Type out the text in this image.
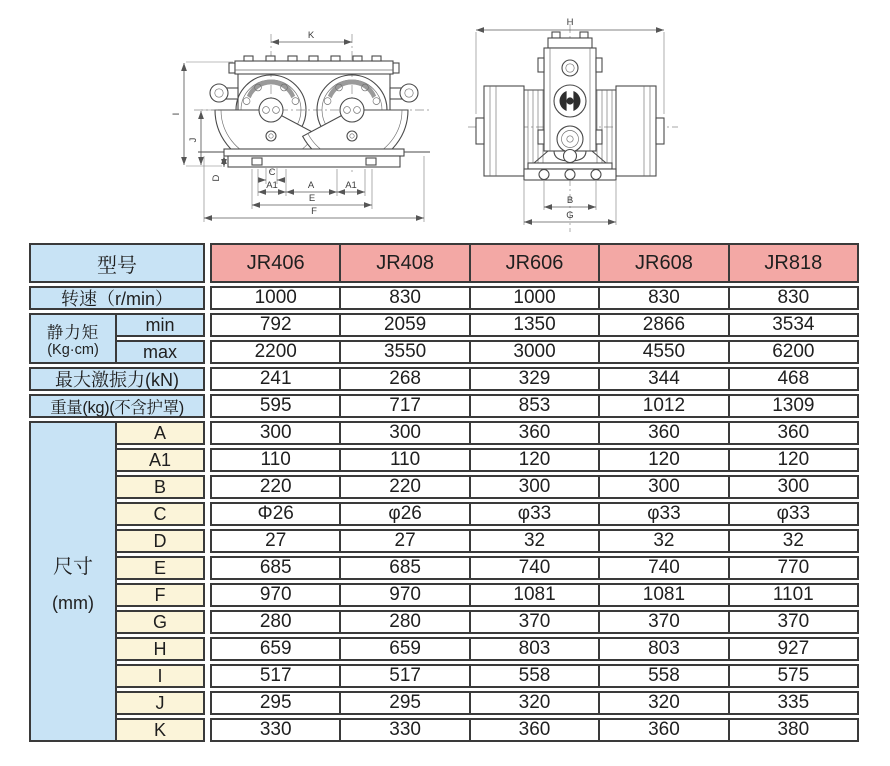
K
I
J
D	C
A1	A	A1
E
F
H
B
G
静力矩
(Kg·cm)
尺寸
(mm)
型号	JR406	JR408	JR606	JR608	JR818
转速（r/min）	1000	830	1000	830	830
min	792	2059	1350	2866	3534
max	2200	3550	3000	4550	6200
最大激振力(kN)	241	268	329	344	468
重量(kg)(不含护罩)	595	717	853	1012	1309
A	300	300	360	360	360
A1	110	110	120	120	120
B	220	220	300	300	300
C	Φ26	φ26	φ33	φ33	φ33
D	27	27	32	32	32
E	685	685	740	740	770
F	970	970	1081	1081	1101
G	280	280	370	370	370
H	659	659	803	803	927
I	517	517	558	558	575
J	295	295	320	320	335
K	330	330	360	360	380
